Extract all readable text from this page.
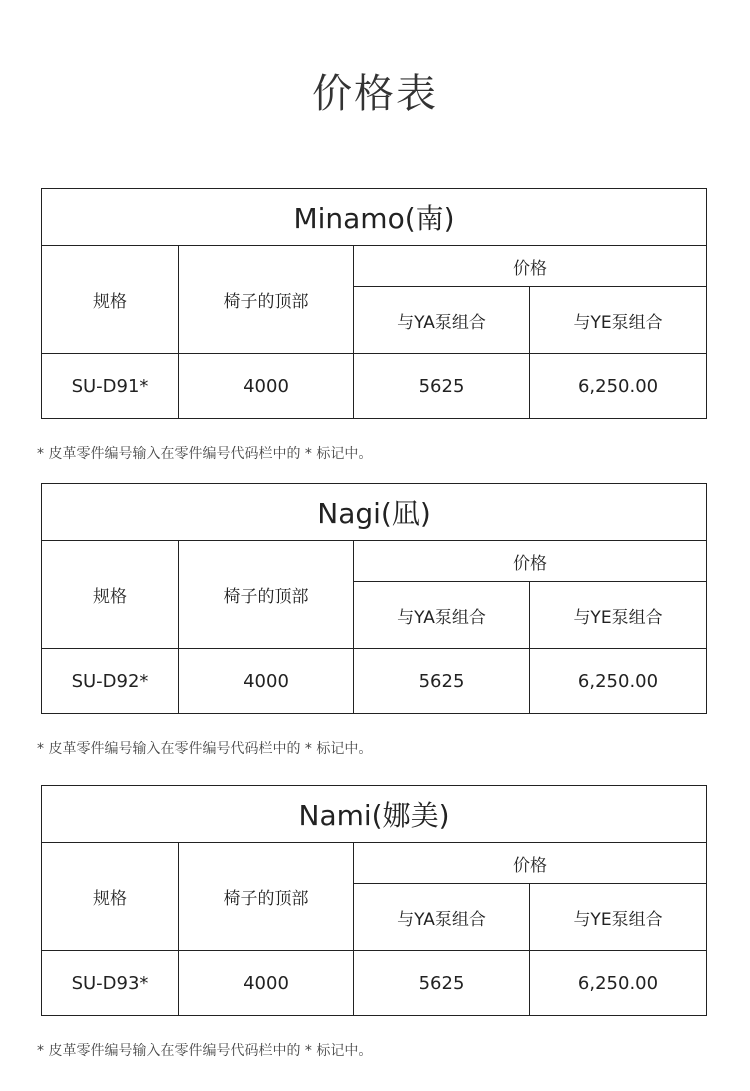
价格表
Minamo(南)			
规格	椅子的顶部	价格	
		与YA泵组合	与YE泵组合
SU-D91*	4000	5625	6,250.00
* 皮革零件编号输入在零件编号代码栏中的 * 标记中。
Nagi(凪)			
规格	椅子的顶部	价格	
		与YA泵组合	与YE泵组合
SU-D92*	4000	5625	6,250.00
* 皮革零件编号输入在零件编号代码栏中的 * 标记中。
Nami(娜美)			
规格	椅子的顶部	价格	
		与YA泵组合	与YE泵组合
SU-D93*	4000	5625	6,250.00
* 皮革零件编号输入在零件编号代码栏中的 * 标记中。
